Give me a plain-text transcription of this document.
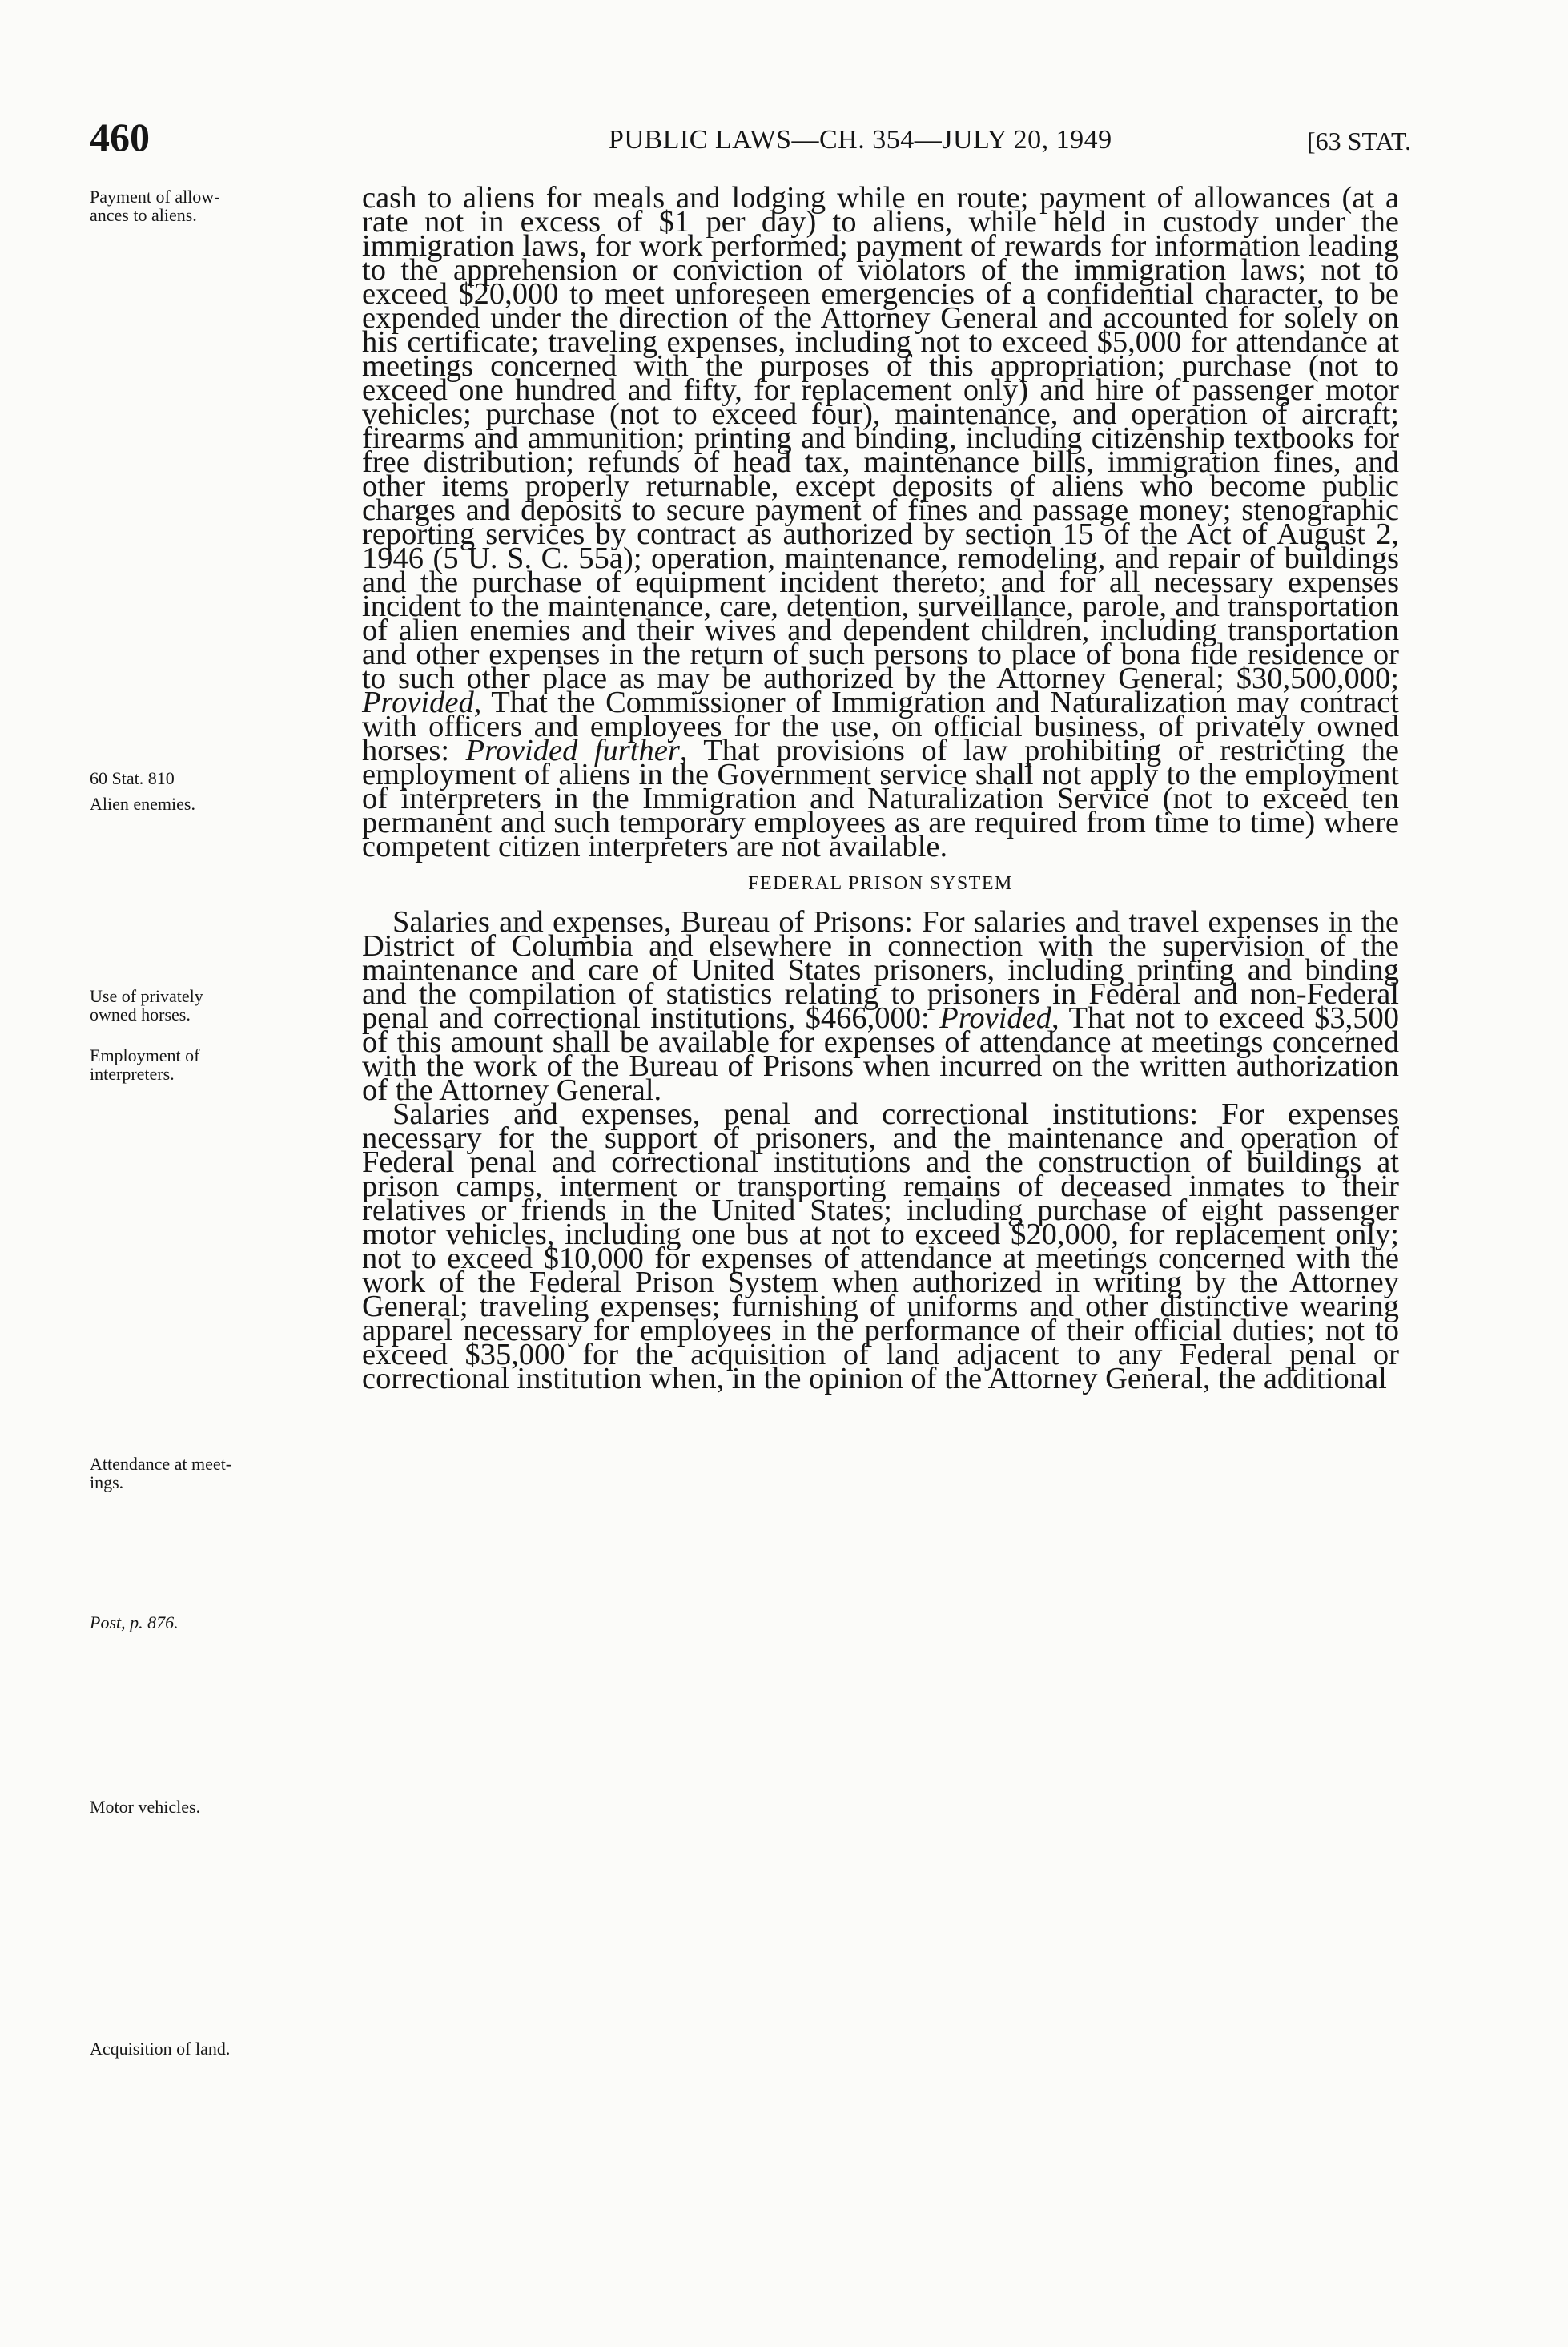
460	PUBLIC LAWS—CH. 354—JULY 20, 1949	[63 STAT.
Payment of allow-
ances to aliens.
60 Stat. 810
Alien enemies.
Use of privately
owned horses.
Employment of
interpreters.
Attendance at meet-
ings.
Post, p. 876.
Motor vehicles.
Acquisition of land.

cash to aliens for meals and lodging while en route; payment of allowances (at a rate not in excess of $1 per day) to aliens, while held in custody under the immigration laws, for work performed; payment of rewards for information leading to the apprehension or conviction of violators of the immigration laws; not to exceed $20,000 to meet unforeseen emergencies of a confidential character, to be expended under the direction of the Attorney General and accounted for solely on his certificate; traveling expenses, including not to exceed $5,000 for attendance at meetings concerned with the purposes of this appropriation; purchase (not to exceed one hundred and fifty, for replacement only) and hire of passenger motor vehicles; purchase (not to exceed four), maintenance, and operation of aircraft; firearms and ammunition; printing and binding, including citizenship textbooks for free distribution; refunds of head tax, maintenance bills, immigration fines, and other items properly returnable, except deposits of aliens who become public charges and deposits to secure payment of fines and passage money; stenographic reporting services by contract as authorized by section 15 of the Act of August 2, 1946 (5 U. S. C. 55a); operation, maintenance, remodeling, and repair of buildings and the purchase of equipment incident thereto; and for all necessary expenses incident to the maintenance, care, detention, surveillance, parole, and transportation of alien enemies and their wives and dependent children, including transportation and other expenses in the return of such persons to place of bona fide residence or to such other place as may be authorized by the Attorney General; $30,500,000; Provided, That the Commissioner of Immigration and Naturalization may contract with officers and employees for the use, on official business, of privately owned horses: Provided further, That provisions of law prohibiting or restricting the employment of aliens in the Government service shall not apply to the employment of interpreters in the Immigration and Naturalization Service (not to exceed ten permanent and such temporary employees as are required from time to time) where competent citizen interpreters are not available.

FEDERAL PRISON SYSTEM

Salaries and expenses, Bureau of Prisons: For salaries and travel expenses in the District of Columbia and elsewhere in connection with the supervision of the maintenance and care of United States prisoners, including printing and binding and the compilation of statistics relating to prisoners in Federal and non-Federal penal and correctional institutions, $466,000: Provided, That not to exceed $3,500 of this amount shall be available for expenses of attendance at meetings concerned with the work of the Bureau of Prisons when incurred on the written authorization of the Attorney General.

Salaries and expenses, penal and correctional institutions: For expenses necessary for the support of prisoners, and the maintenance and operation of Federal penal and correctional institutions and the construction of buildings at prison camps, interment or transporting remains of deceased inmates to their relatives or friends in the United States; including purchase of eight passenger motor vehicles, including one bus at not to exceed $20,000, for replacement only; not to exceed $10,000 for expenses of attendance at meetings concerned with the work of the Federal Prison System when authorized in writing by the Attorney General; traveling expenses; furnishing of uniforms and other distinctive wearing apparel necessary for employees in the performance of their official duties; not to exceed $35,000 for the acquisition of land adjacent to any Federal penal or correctional institution when, in the opinion of the Attorney General, the additional
